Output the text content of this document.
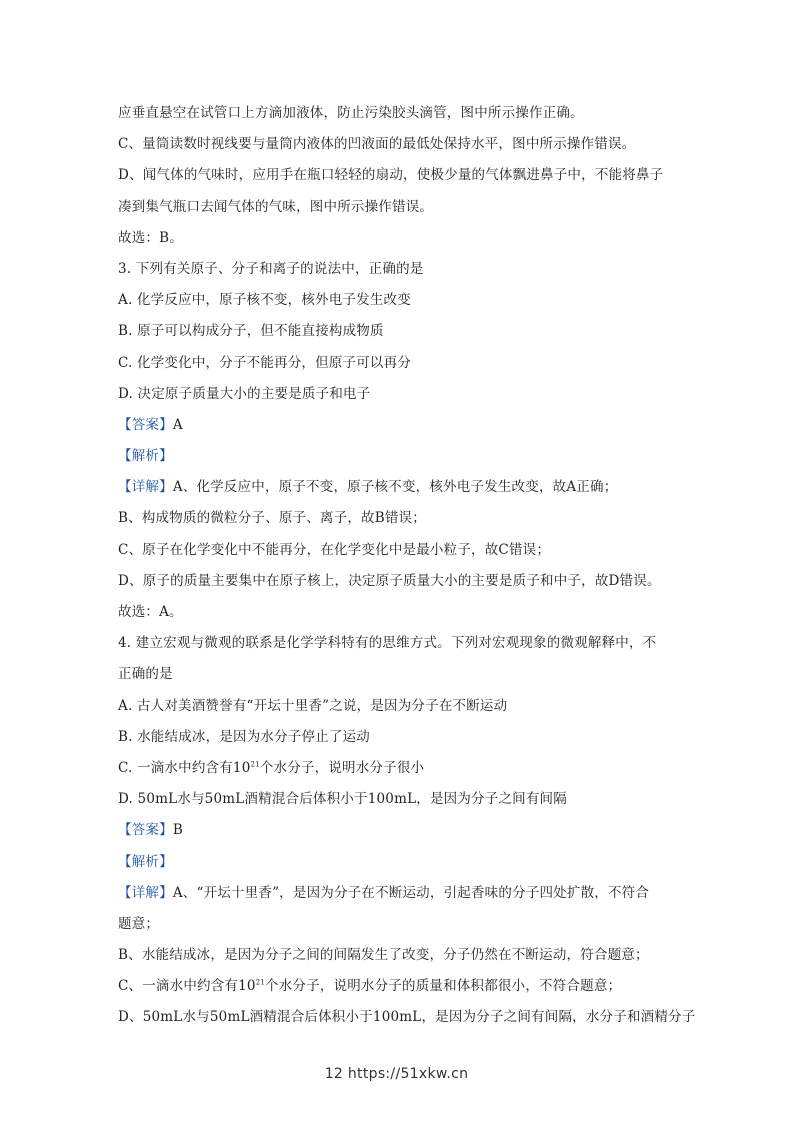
应垂直悬空在试管口上方滴加液体，防止污染胶头滴管，图中所示操作正确。
C、量筒读数时视线要与量筒内液体的凹液面的最低处保持水平，图中所示操作错误。
D、闻气体的气味时，应用手在瓶口轻轻的扇动，使极少量的气体飘进鼻子中，不能将鼻子
凑到集气瓶口去闻气体的气味，图中所示操作错误。
故选：B。
3. 下列有关原子、分子和离子的说法中，正确的是
A. 化学反应中，原子核不变，核外电子发生改变
B. 原子可以构成分子，但不能直接构成物质
C. 化学变化中，分子不能再分，但原子可以再分
D. 决定原子质量大小的主要是质子和电子
【答案】A
【解析】
【详解】A、化学反应中，原子不变，原子核不变，核外电子发生改变，故A正确；
B、构成物质的微粒分子、原子、离子，故B错误；
C、原子在化学变化中不能再分，在化学变化中是最小粒子，故C错误；
D、原子的质量主要集中在原子核上，决定原子质量大小的主要是质子和中子，故D错误。
故选：A。
4. 建立宏观与微观的联系是化学学科特有的思维方式。下列对宏观现象的微观解释中，不
正确的是
A. 古人对美酒赞誉有“开坛十里香”之说，是因为分子在不断运动
B. 水能结成冰，是因为水分子停止了运动
C. 一滴水中约含有$10^{21}$个水分子，说明水分子很小
D. 50mL水与50mL酒精混合后体积小于100mL，是因为分子之间有间隔
【答案】B
【解析】
【详解】A、“开坛十里香”，是因为分子在不断运动，引起香味的分子四处扩散，不符合
题意；
B、水能结成冰，是因为分子之间的间隔发生了改变，分子仍然在不断运动，符合题意；
C、一滴水中约含有$10^{21}$个水分子，说明水分子的质量和体积都很小，不符合题意；
D、50mL水与50mL酒精混合后体积小于100mL，是因为分子之间有间隔，水分子和酒精分子
12 https://51xkw.cn
